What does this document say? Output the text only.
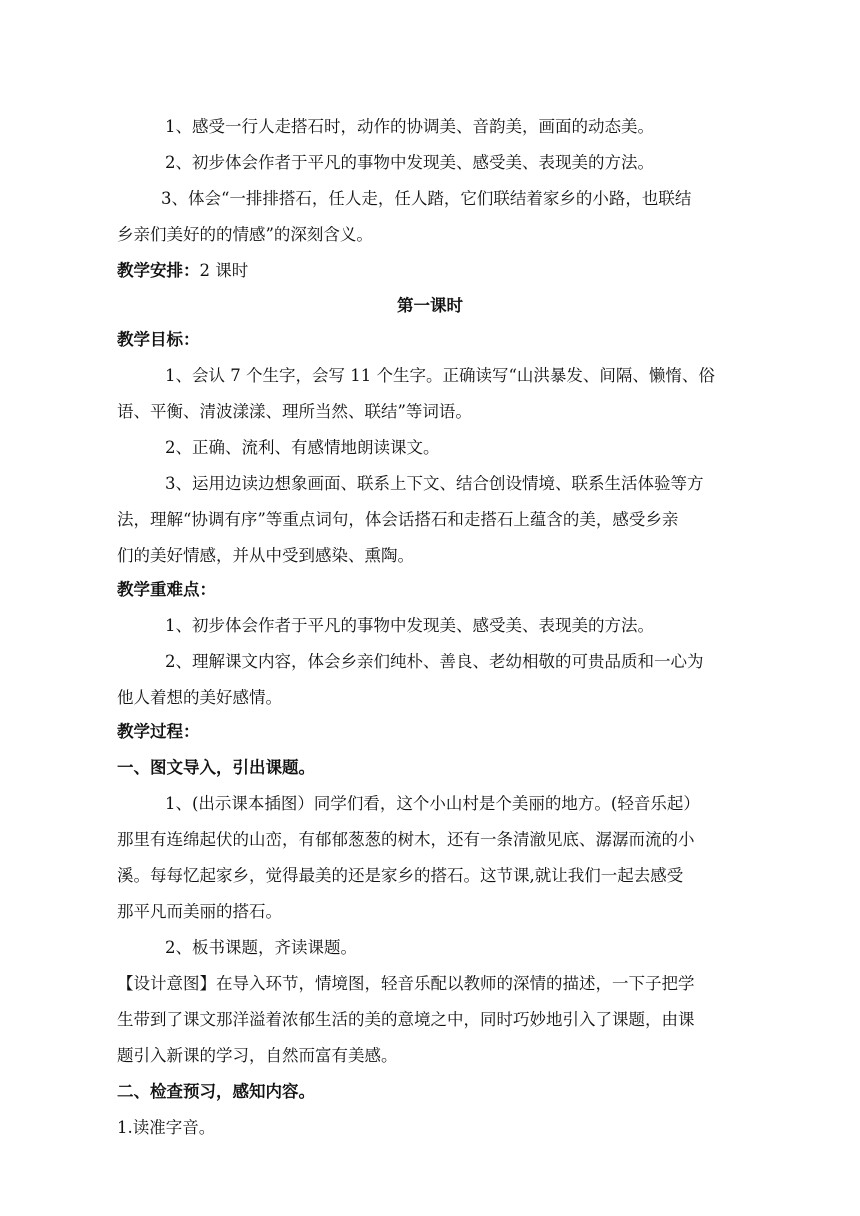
1、感受一行人走搭石时，动作的协调美、音韵美，画面的动态美。
2、初步体会作者于平凡的事物中发现美、感受美、表现美的方法。
3、体会“一排排搭石，任人走，任人踏，它们联结着家乡的小路，也联结
乡亲们美好的的情感”的深刻含义。
教学安排：2 课时
第一课时
教学目标：
1、会认 7 个生字，会写 11 个生字。正确读写“山洪暴发、间隔、懒惰、俗
语、平衡、清波漾漾、理所当然、联结”等词语。
2、正确、流利、有感情地朗读课文。
3、运用边读边想象画面、联系上下文、结合创设情境、联系生活体验等方
法，理解“协调有序”等重点词句，体会话搭石和走搭石上蕴含的美，感受乡亲
们的美好情感，并从中受到感染、熏陶。
教学重难点：
1、初步体会作者于平凡的事物中发现美、感受美、表现美的方法。
2、理解课文内容，体会乡亲们纯朴、善良、老幼相敬的可贵品质和一心为
他人着想的美好感情。
教学过程：
一、图文导入，引出课题。
1、(出示课本插图）同学们看，这个小山村是个美丽的地方。(轻音乐起）
那里有连绵起伏的山峦，有郁郁葱葱的树木，还有一条清澈见底、潺潺而流的小
溪。每每忆起家乡，觉得最美的还是家乡的搭石。这节课,就让我们一起去感受
那平凡而美丽的搭石。
2、板书课题，齐读课题。
【设计意图】在导入环节，情境图，轻音乐配以教师的深情的描述，一下子把学
生带到了课文那洋溢着浓郁生活的美的意境之中，同时巧妙地引入了课题，由课
题引入新课的学习，自然而富有美感。
二、检查预习，感知内容。
1.读准字音。
